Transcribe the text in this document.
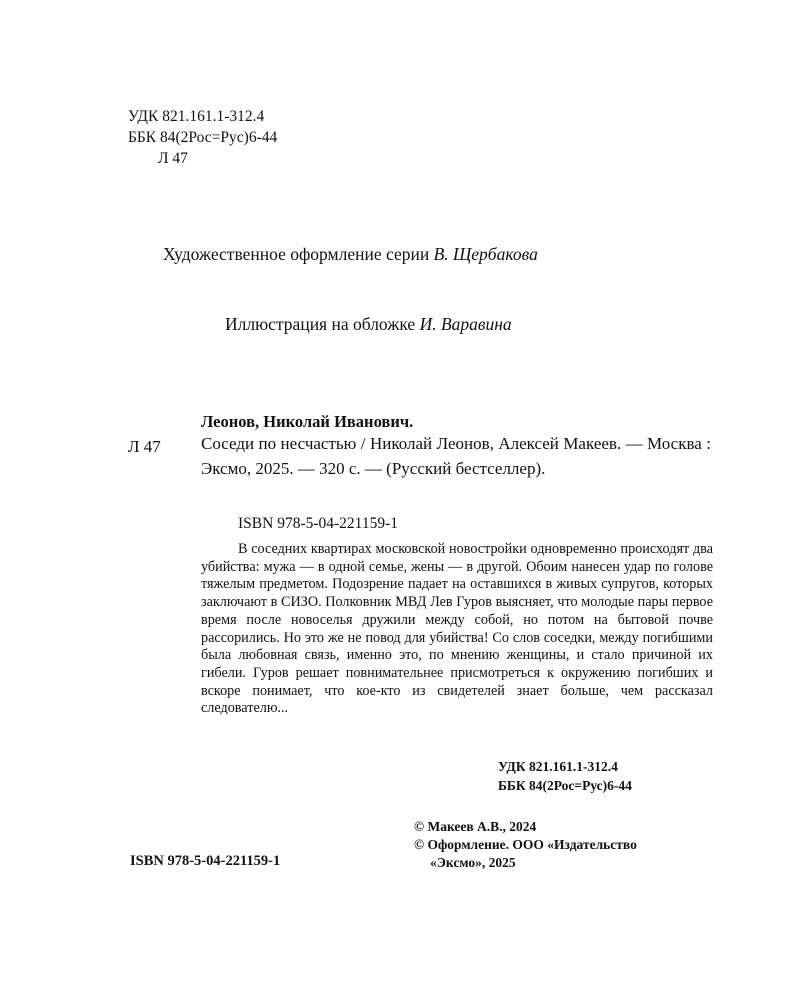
УДК 821.161.1-312.4
ББК 84(2Рос=Рус)6-44
Л 47
Художественное оформление серии В. Щербакова
Иллюстрация на обложке И. Варавина
Леонов, Николай Иванович.
Л 47 Соседи по несчастью / Николай Леонов, Алексей Макеев. — Москва : Эксмо, 2025. — 320 с. — (Русский бестселлер).
ISBN 978-5-04-221159-1
В соседних квартирах московской новостройки одновременно происходят два убийства: мужа — в одной семье, жены — в другой. Обоим нанесен удар по голове тяжелым предметом. Подозрение падает на оставшихся в живых супругов, которых заключают в СИЗО. Полковник МВД Лев Гуров выясняет, что молодые пары первое время после новоселья дружили между собой, но потом на бытовой почве рассорились. Но это же не повод для убийства! Со слов соседки, между погибшими была любовная связь, именно это, по мнению женщины, и стало причиной их гибели. Гуров решает повнимательнее присмотреться к окружению погибших и вскоре понимает, что кое-кто из свидетелей знает больше, чем рассказал следователю...
УДК 821.161.1-312.4
ББК 84(2Рос=Рус)6-44
© Макеев А.В., 2024
© Оформление. ООО «Издательство
«Эксмо», 2025
ISBN 978-5-04-221159-1
